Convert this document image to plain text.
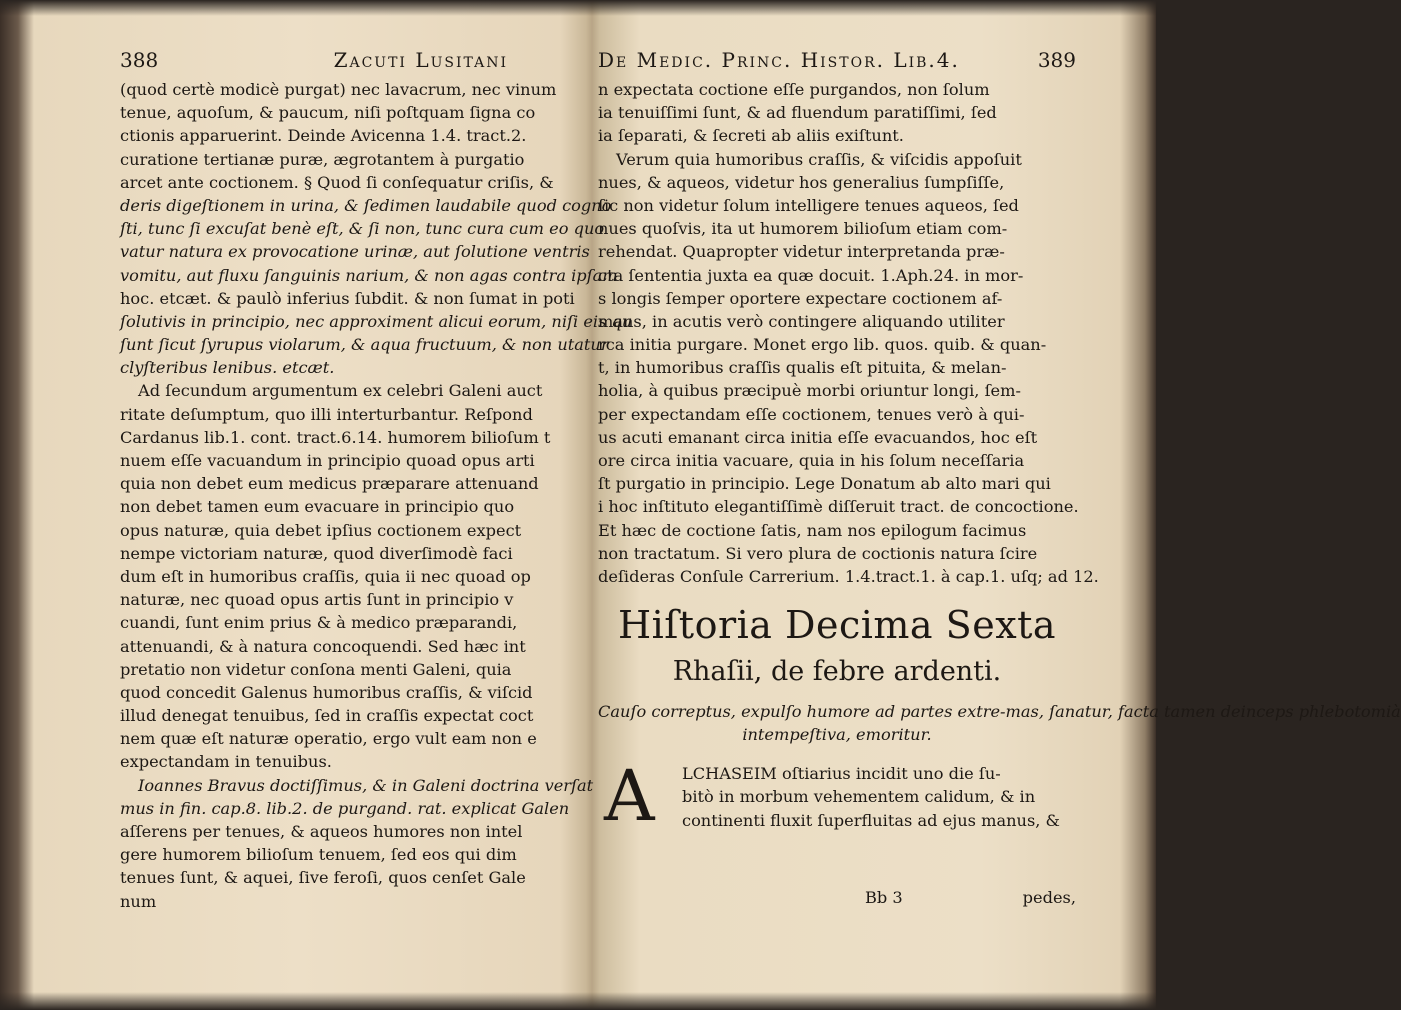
388	Zacuti Lusitani
(quod certè modicè purgat) nec lavacrum, nec vinum
tenue, aquoſum, & paucum, niſi poſtquam ſigna co
ctionis apparuerint. Deinde Avicenna 1.4. tract.2.
curatione tertianæ puræ, ægrotantem à purgatio
arcet ante coctionem. § Quod ſi conſequatur criſis, &
deris digeſtionem in urina, & ſedimen laudabile quod cogno
ſti, tunc ſi excuſat benè eſt, & ſi non, tunc cura cum eo quo
vatur natura ex provocatione urinæ, aut ſolutione ventris
vomitu, aut fluxu ſanguinis narium, & non agas contra ipſam
hoc. etcæt. & paulò inferius ſubdit. & non ſumat in poti
ſolutivis in principio, nec approximent alicui eorum, niſi eis qu
ſunt ſicut ſyrupus violarum, & aqua fructuum, & non utatur
clyſteribus lenibus. etcæt.
Ad ſecundum argumentum ex celebri Galeni auct
ritate deſumptum, quo illi interturbantur. Reſpond
Cardanus lib.1. cont. tract.6.14. humorem bilioſum t
nuem eſſe vacuandum in principio quoad opus arti
quia non debet eum medicus præparare attenuand
non debet tamen eum evacuare in principio quo
opus naturæ, quia debet ipſius coctionem expect
nempe victoriam naturæ, quod diverſimodè faci
dum eſt in humoribus craſſis, quia ii nec quoad op
naturæ, nec quoad opus artis ſunt in principio v
cuandi, ſunt enim prius & à medico præparandi,
attenuandi, & à natura concoquendi. Sed hæc int
pretatio non videtur conſona menti Galeni, quia
quod concedit Galenus humoribus craſſis, & viſcid
illud denegat tenuibus, ſed in craſſis expectat coct
nem quæ eſt naturæ operatio, ergo vult eam non e
expectandam in tenuibus.
Ioannes Bravus doctiſſimus, & in Galeni doctrina verſat
mus in fin. cap.8. lib.2. de purgand. rat. explicat Galen
aſſerens per tenues, & aqueos humores non intel
gere humorem bilioſum tenuem, ſed eos qui dim
tenues ſunt, & aquei, ſive feroſi, quos cenſet Gale
num
De Medic. Princ. Histor. Lib.4.	389
n expectata coctione eſſe purgandos, non ſolum
ia tenuiſſimi ſunt, & ad fluendum paratiſſimi, ſed
ia ſeparati, & ſecreti ab aliis exiſtunt.
Verum quia humoribus craſſis, & viſcidis appoſuit
nues, & aqueos, videtur hos generalius ſumpſiſſe,
ſic non videtur ſolum intelligere tenues aqueos, ſed
nues quoſvis, ita ut humorem bilioſum etiam com-
rehendat. Quapropter videtur interpretanda præ-
cta ſententia juxta ea quæ docuit. 1.Aph.24. in mor-
s longis ſemper oportere expectare coctionem af-
mans, in acutis verò contingere aliquando utiliter
rca initia purgare. Monet ergo lib. quos. quib. & quan-
t, in humoribus craſſis qualis eſt pituita, & melan-
holia, à quibus præcipuè morbi oriuntur longi, ſem-
per expectandam eſſe coctionem, tenues verò à qui-
us acuti emanant circa initia eſſe evacuandos, hoc eſt
ore circa initia vacuare, quia in his ſolum neceſſaria
ſt purgatio in principio. Lege Donatum ab alto mari qui
i hoc inſtituto elegantiſſimè diſſeruit tract. de concoctione.
Et hæc de coctione ſatis, nam nos epilogum facimus
non tractatum. Si vero plura de coctionis natura ſcire
deſideras Conſule Carrerium. 1.4.tract.1. à cap.1. uſq; ad 12.
Hiſtoria Decima Sexta
Rhaſii, de febre ardenti.
Cauſo correptus, expulſo humore ad partes extre-mas, ſanatur, facta tamen deinceps phlebotomià
intempeſtiva, emoritur.
A LCHASEIM oſtiarius incidit uno die ſu-
bitò in morbum vehementem calidum, & in
continenti fluxit ſuperfluitas ad ejus manus, &
Bb 3	pedes,
